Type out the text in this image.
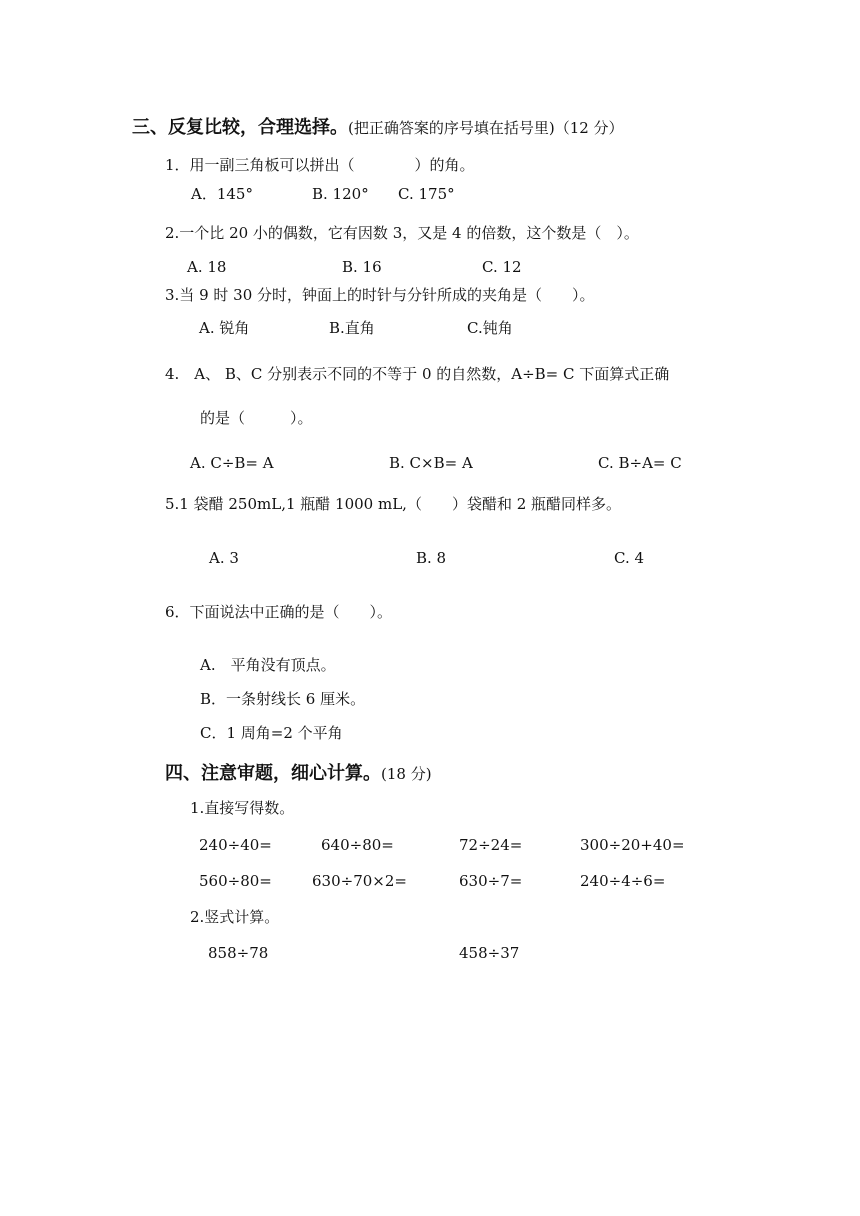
三、反复比较，合理选择。(把正确答案的序号填在括号里)（12 分）
1．用一副三角板可以拼出（　　　　）的角。
A．145°	B. 120° C. 175°
2.一个比 20 小的偶数，它有因数 3，又是 4 的倍数，这个数是（　）。
A. 18	B. 16	C. 12
3.当 9 时 30 分时，钟面上的时针与分针所成的夹角是（　　）。
A. 锐角	B.直角	C.钝角
4.　A、 B、C 分别表示不同的不等于 0 的自然数，A÷B= C 下面算式正确
的是（　　　）。
A. C÷B= A	B. C×B= A	C. B÷A= C
5.1 袋醋 250mL,1 瓶醋 1000 mL,（　　）袋醋和 2 瓶醋同样多。
A. 3	B. 8	C. 4
6．下面说法中正确的是（　　）。
A.　平角没有顶点。
B．一条射线长 6 厘米。
C．1 周角=2 个平角
四、注意审题，细心计算。(18 分)
1.直接写得数。
240÷40=	640÷80=	72÷24=	300÷20+40=
560÷80=	630÷70×2=	630÷7=	240÷4÷6=
2.竖式计算。
858÷78	458÷37
